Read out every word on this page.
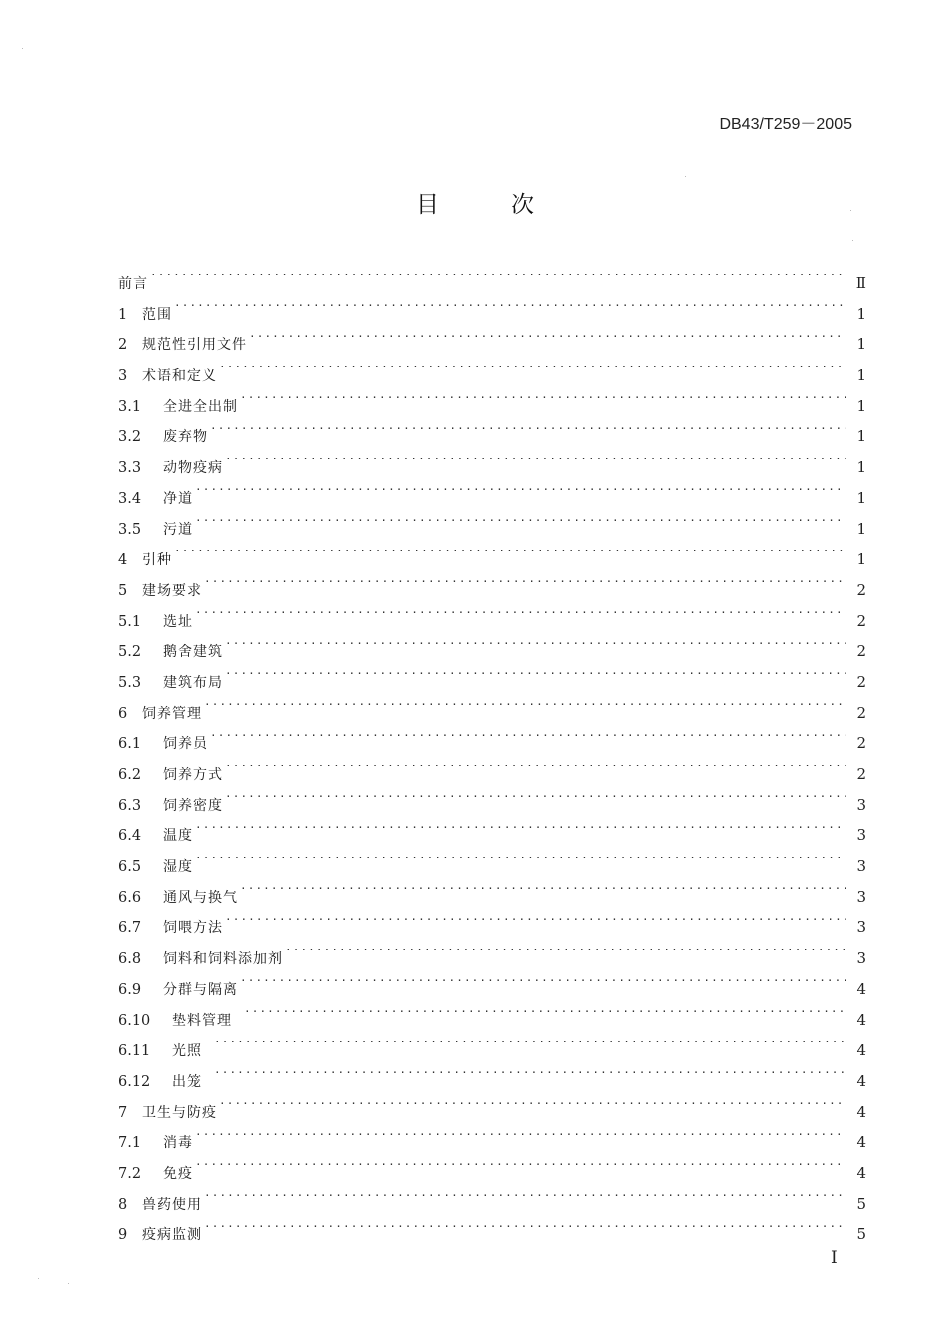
DB43/T259－2005
目	次
前言 ·····	Ⅱ
1	范围 ·····	1
2	规范性引用文件 ·····	1
3	术语和定义 ·····	1
3.1	全进全出制 ·····	1
3.2	废弃物 ·····	1
3.3	动物疫病 ·····	1
3.4	净道 ·····	1
3.5	污道 ·····	1
4	引种 ·····	1
5	建场要求 ·····	2
5.1	选址 ·····	2
5.2	鹅舍建筑 ·····	2
5.3	建筑布局 ·····	2
6	饲养管理 ·····	2
6.1	饲养员 ·····	2
6.2	饲养方式 ·····	2
6.3	饲养密度 ·····	3
6.4	温度 ·····	3
6.5	湿度 ·····	3
6.6	通风与换气 ·····	3
6.7	饲喂方法 ·····	3
6.8	饲料和饲料添加剂 ·····	3
6.9	分群与隔离 ·····	4
6.10	垫料管理 ·····	4
6.11	光照 ·····	4
6.12	出笼 ·····	4
7	卫生与防疫 ·····	4
7.1	消毒 ·····	4
7.2	免疫 ·····	4
8	兽药使用 ·····	5
9	疫病监测 ·····	5
I
